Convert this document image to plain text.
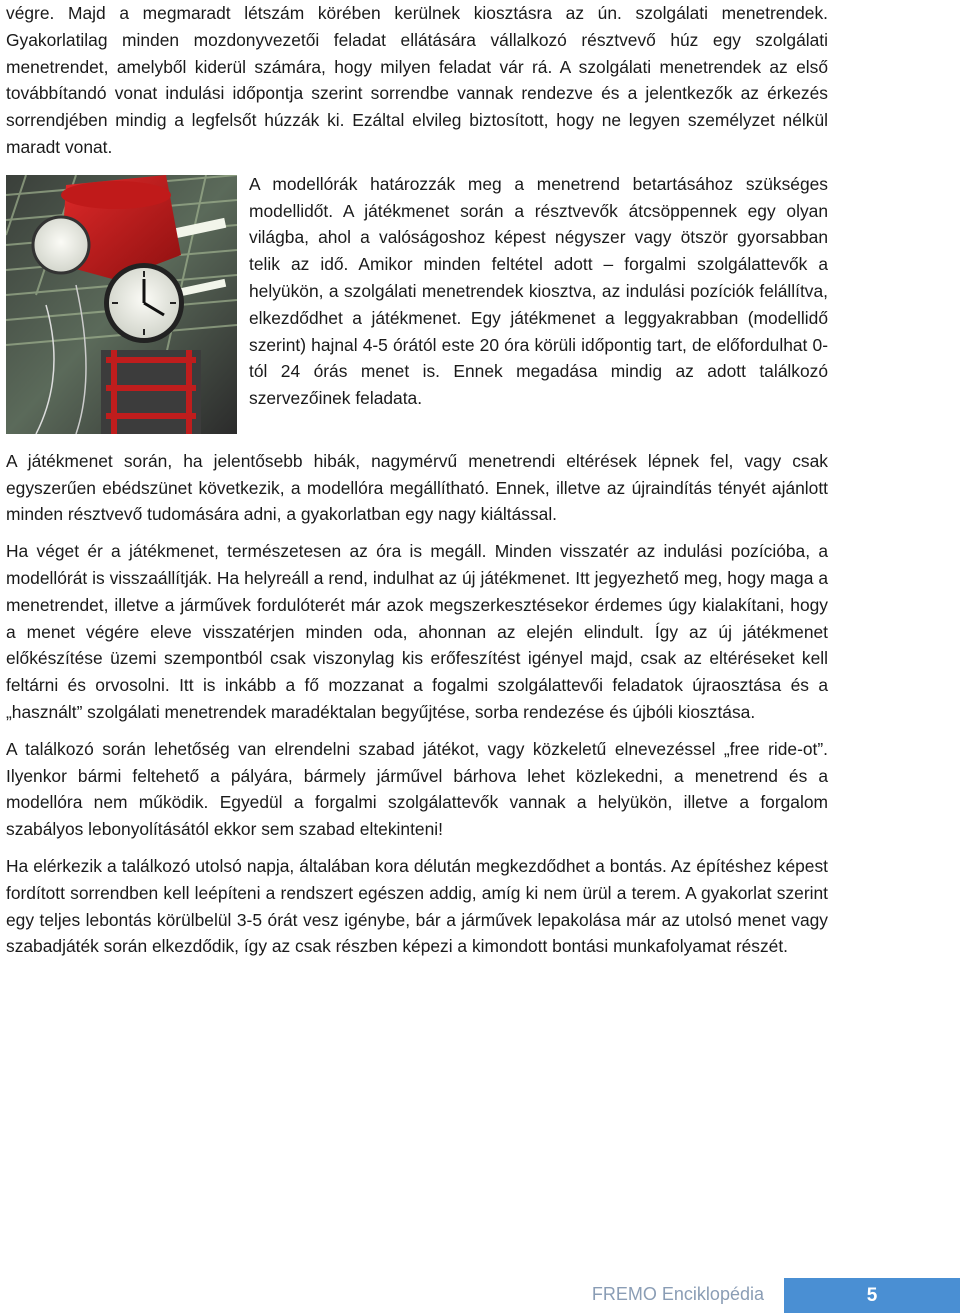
végre. Majd a megmaradt létszám körében kerülnek kiosztásra az ún. szolgálati menetrendek. Gyakorlatilag minden mozdonyvezetői feladat ellátására vállalkozó résztvevő húz egy szolgálati menetrendet, amelyből kiderül számára, hogy milyen feladat vár rá. A szolgálati menetrendek az első továbbítandó vonat indulási időpontja szerint sorrendbe vannak rendezve és a jelentkezők az érkezés sorrendjében mindig a legfelsőt húzzák ki. Ezáltal elvileg biztosított, hogy ne legyen személyzet nélkül maradt vonat.

A modellórák határozzák meg a menetrend betartásához szükséges modellidőt. A játékmenet során a résztvevők átcsöppennek egy olyan világba, ahol a valóságoshoz képest négyszer vagy ötször gyorsabban telik az idő. Amikor minden feltétel adott – forgalmi szolgálattevők a helyükön, a szolgálati menetrendek kiosztva, az indulási pozíciók felállítva, elkezdődhet a játékmenet. Egy játékmenet a leggyakrabban (modellidő szerint) hajnal 4-5 órától este 20 óra körüli időpontig tart, de előfordulhat 0-tól 24 órás menet is. Ennek megadása mindig az adott találkozó szervezőinek feladata.

A játékmenet során, ha jelentősebb hibák, nagymérvű menetrendi eltérések lépnek fel, vagy csak egyszerűen ebédszünet következik, a modellóra megállítható. Ennek, illetve az újraindítás tényét ajánlott minden résztvevő tudomására adni, a gyakorlatban egy nagy kiáltással.

Ha véget ér a játékmenet, természetesen az óra is megáll. Minden visszatér az indulási pozícióba, a modellórát is visszaállítják. Ha helyreáll a rend, indulhat az új játékmenet. Itt jegyezhető meg, hogy maga a menetrendet, illetve a járművek fordulóterét már azok megszerkesztésekor érdemes úgy kialakítani, hogy a menet végére eleve visszatérjen minden oda, ahonnan az elején elindult. Így az új játékmenet előkészítése üzemi szempontból csak viszonylag kis erőfeszítést igényel majd, csak az eltéréseket kell feltárni és orvosolni. Itt is inkább a fő mozzanat a fogalmi szolgálattevői feladatok újraosztása és a „használt” szolgálati menetrendek maradéktalan begyűjtése, sorba rendezése és újbóli kiosztása.

A találkozó során lehetőség van elrendelni szabad játékot, vagy közkeletű elnevezéssel „free ride-ot”. Ilyenkor bármi feltehető a pályára, bármely járművel bárhova lehet közlekedni, a menetrend és a modellóra nem működik. Egyedül a forgalmi szolgálattevők vannak a helyükön, illetve a forgalom szabályos lebonyolításától ekkor sem szabad eltekinteni!

Ha elérkezik a találkozó utolsó napja, általában kora délután megkezdődhet a bontás. Az építéshez képest fordított sorrendben kell leépíteni a rendszert egészen addig, amíg ki nem ürül a terem. A gyakorlat szerint egy teljes lebontás körülbelül 3-5 órát vesz igénybe, bár a járművek lepakolása már az utolsó menet vagy szabadjáték során elkezdődik, így az csak részben képezi a kimondott bontási munkafolyamat részét.

FREMO Enciklopédia	5
